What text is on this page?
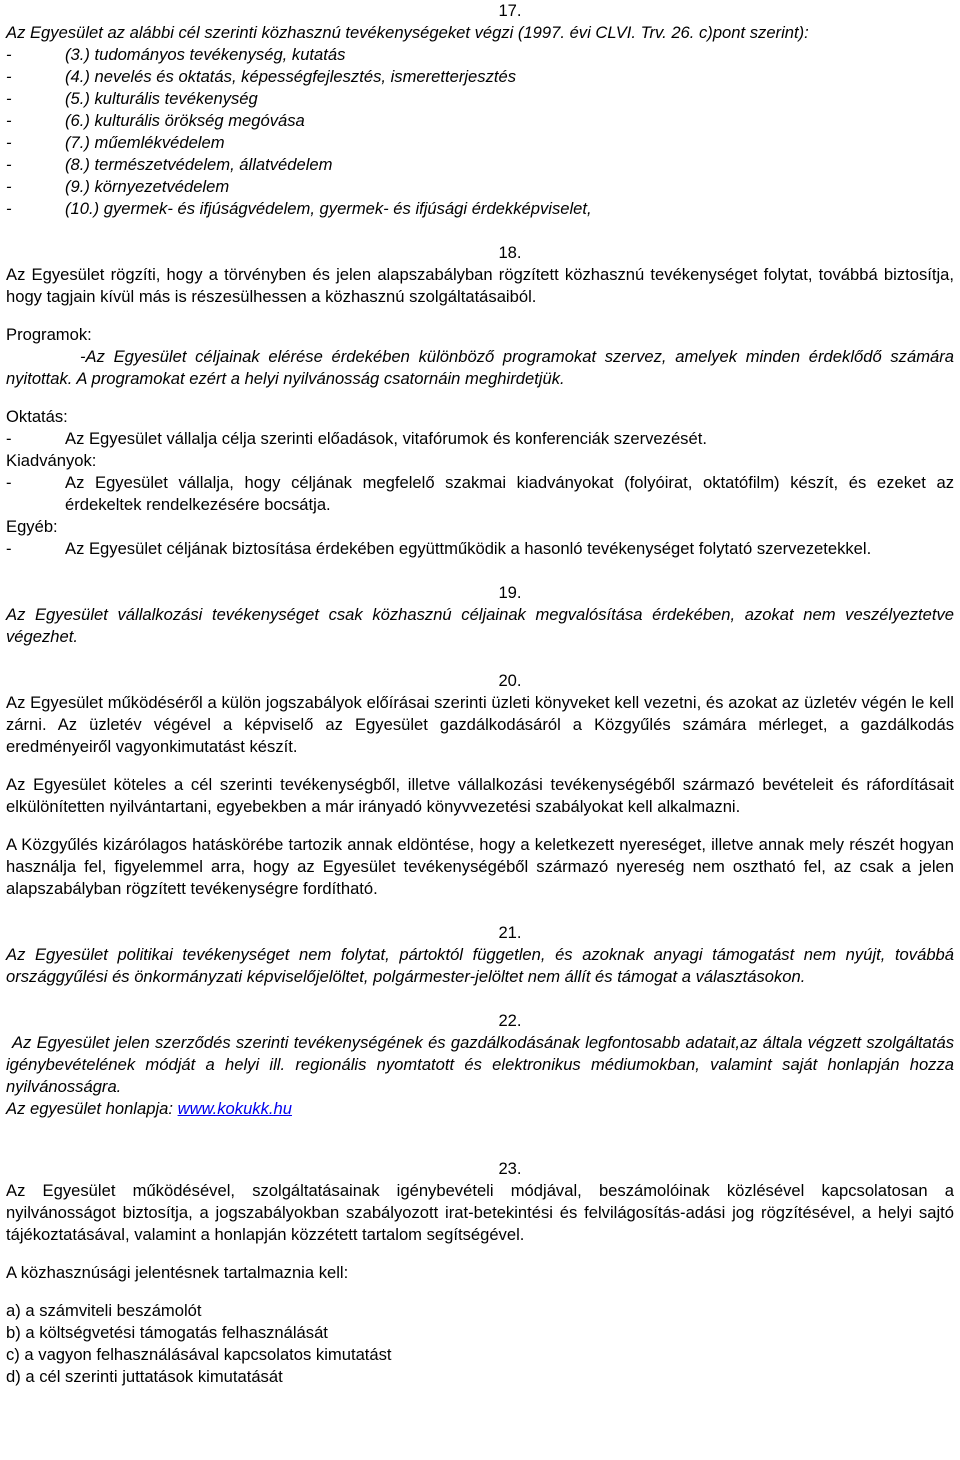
17.

Az Egyesület az alábbi cél szerinti közhasznú tevékenységeket végzi (1997. évi CLVI. Trv. 26. c)pont szerint):

- (3.) tudományos tevékenység, kutatás
- (4.) nevelés és oktatás, képességfejlesztés, ismeretterjesztés
- (5.) kulturális tevékenység
- (6.) kulturális örökség megóvása
- (7.) műemlékvédelem
- (8.) természetvédelem, állatvédelem
- (9.) környezetvédelem
- (10.) gyermek- és ifjúságvédelem, gyermek- és ifjúsági érdekképviselet,
18.

Az Egyesület rögzíti, hogy a törvényben és jelen alapszabályban rögzített közhasznú tevékenységet folytat, továbbá biztosítja, hogy tagjain kívül más is részesülhessen a közhasznú szolgáltatásaiból.

Programok:

-Az Egyesület céljainak elérése érdekében különböző programokat szervez, amelyek minden érdeklődő számára nyitottak. A programokat ezért a helyi nyilvánosság csatornáin meghirdetjük.

Oktatás:

- Az Egyesület vállalja célja szerinti előadások, vitafórumok és konferenciák szervezését.

Kiadványok:

- Az Egyesület vállalja, hogy céljának megfelelő szakmai kiadványokat (folyóirat, oktatófilm) készít, és ezeket az érdekeltek rendelkezésére bocsátja.

Egyéb:

- Az Egyesület céljának biztosítása érdekében együttműködik a hasonló tevékenységet folytató szervezetekkel.
19.

Az Egyesület vállalkozási tevékenységet csak közhasznú céljainak megvalósítása érdekében, azokat nem veszélyeztetve végezhet.

20.

Az Egyesület működéséről a külön jogszabályok előírásai szerinti üzleti könyveket kell vezetni, és azokat az üzletév végén le kell zárni. Az üzletév végével a képviselő az Egyesület gazdálkodásáról a Közgyűlés számára mérleget, a gazdálkodás eredményeiről vagyonkimutatást készít.

Az Egyesület köteles a cél szerinti tevékenységből, illetve vállalkozási tevékenységéből származó bevételeit és ráfordításait elkülönítetten nyilvántartani, egyebekben a már irányadó könyvvezetési szabályokat kell alkalmazni.

A Közgyűlés kizárólagos hatáskörébe tartozik annak eldöntése, hogy a keletkezett nyereséget, illetve annak mely részét hogyan használja fel, figyelemmel arra, hogy az Egyesület tevékenységéből származó nyereség nem osztható fel, az csak a jelen alapszabályban rögzített tevékenységre fordítható.

21.

Az Egyesület politikai tevékenységet nem folytat, pártoktól független, és azoknak anyagi támogatást nem nyújt, továbbá országgyűlési és önkormányzati képviselőjelöltet, polgármester-jelöltet nem állít és támogat a választásokon.

22.

Az Egyesület jelen szerződés szerinti tevékenységének és gazdálkodásának legfontosabb adatait,az általa végzett szolgáltatás igénybevételének módját a helyi ill. regionális nyomtatott és elektronikus médiumokban, valamint saját honlapján hozza nyilvánosságra.

Az egyesület honlapja: www.kokukk.hu

23.

Az Egyesület működésével, szolgáltatásainak igénybevételi módjával, beszámolóinak közlésével kapcsolatosan a nyilvánosságot biztosítja, a jogszabályokban szabályozott irat-betekintési és felvilágosítás-adási jog rögzítésével, a helyi sajtó tájékoztatásával, valamint a honlapján közzétett tartalom segítségével.

A közhasznúsági jelentésnek tartalmaznia kell:

a) a számviteli beszámolót

b) a költségvetési támogatás felhasználását

c) a vagyon felhasználásával kapcsolatos kimutatást

d) a cél szerinti juttatások kimutatását
